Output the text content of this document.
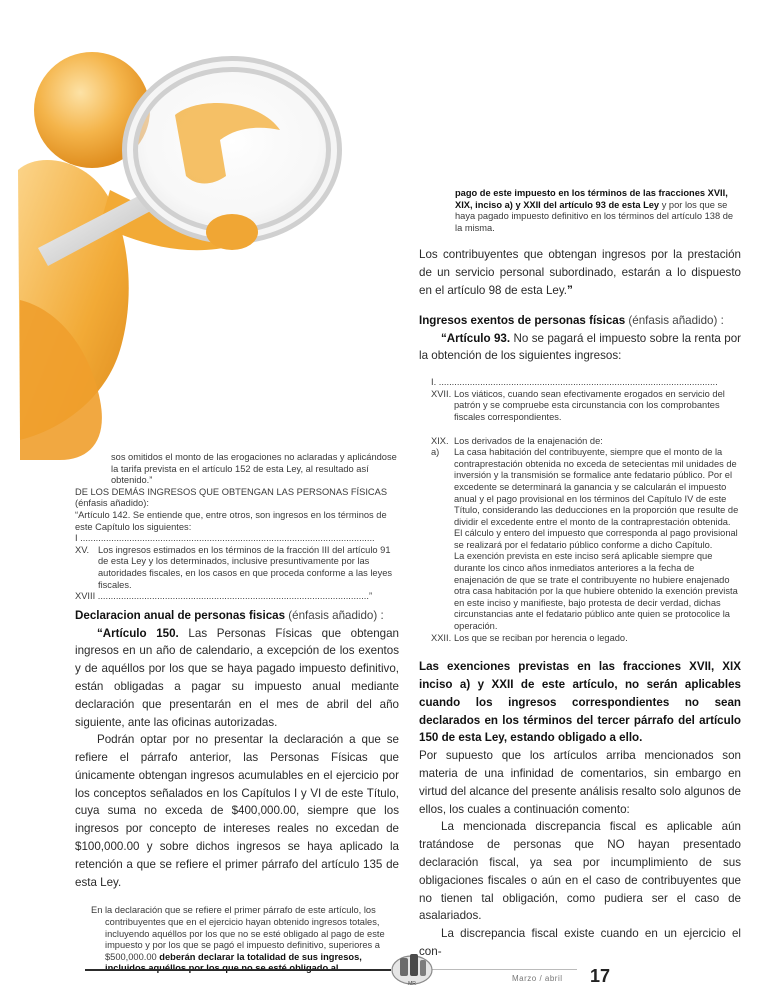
sos omitidos el monto de las erogaciones no aclaradas y aplicándose la tarifa prevista en el artículo 152 de esta Ley, al resultado así obtenido.”
DE LOS DEMÁS INGRESOS QUE OBTENGAN LAS PERSONAS FÍSICAS (énfasis añadido):
“Artículo 142. Se entiende que, entre otros, son ingresos en los términos de este Capítulo los siguientes:
I ..................................................................................................................
XV. Los ingresos estimados en los términos de la fracción III del artículo 91 de esta Ley y los determinados, inclusive presuntivamente por las autoridades fiscales, en los casos en que proceda conforme a las leyes fiscales.
XVIII .........................................................................................................”
Declaracion anual de personas fisicas (énfasis añadido) :
“Artículo 150. Las Personas Físicas que obtengan ingresos en un año de calendario, a excepción de los exentos y de aquéllos por los que se haya pagado impuesto definitivo, están obligadas a pagar su impuesto anual mediante declaración que presentarán en el mes de abril del año siguiente, ante las oficinas autorizadas.
Podrán optar por no presentar la declaración a que se refiere el párrafo anterior, las Personas Físicas que únicamente obtengan ingresos acumulables en el ejercicio por los conceptos señalados en los Capítulos I y VI de este Título, cuya suma no exceda de $400,000.00, siempre que los ingresos por concepto de intereses reales no excedan de $100,000.00 y sobre dichos ingresos se haya aplicado la retención a que se refiere el primer párrafo del artículo 135 de esta Ley.
En la declaración que se refiere el primer párrafo de este artículo, los contribuyentes que en el ejercicio hayan obtenido ingresos totales, incluyendo aquéllos por los que no se esté obligado al pago de este impuesto y por los que se pagó el impuesto definitivo, superiores a $500,000.00 deberán declarar la totalidad de sus ingresos,
pago de este impuesto en los términos de las fracciones XVII, XIX, inciso a) y XXII del artículo 93 de esta Ley y por los que se haya pagado impuesto definitivo en los términos del artículo 138 de la misma.
Los contribuyentes que obtengan ingresos por la prestación de un servicio personal subordinado, estarán a lo dispuesto en el artículo 98 de esta Ley.”
Ingresos exentos de personas físicas (énfasis añadido) :
“Artículo 93. No se pagará el impuesto sobre la renta por la obtención de los siguientes ingresos:
I. ............................................................................................................
XVII. Los viáticos, cuando sean efectivamente erogados en servicio del patrón y se compruebe esta circunstancia con los comprobantes fiscales correspondientes.
XIX. Los derivados de la enajenación de:
a)	La casa habitación del contribuyente, siempre que el monto de la contraprestación obtenida no exceda de setecientas mil unidades de inversión y la transmisión se formalice ante fedatario público. Por el excedente se determinará la ganancia y se calcularán el impuesto anual y el pago provisional en los términos del Capítulo IV de este Título, considerando las deducciones en la proporción que resulte de dividir el excedente entre el monto de la contraprestación obtenida. El cálculo y entero del impuesto que corresponda al pago provisional se realizará por el fedatario público conforme a dicho Capítulo.
La exención prevista en este inciso será aplicable siempre que durante los cinco años inmediatos anteriores a la fecha de enajenación de que se trate el contribuyente no hubiere enajenado otra casa habitación por la que hubiere obtenido la exención prevista en este inciso y manifieste, bajo protesta de decir verdad, dichas circunstancias ante el fedatario público ante quien se protocolice la operación.
XXII. Los que se reciban por herencia o legado.
Las exenciones previstas en las fracciones XVII, XIX inciso a) y XXII de este artículo, no serán aplicables cuando los ingresos correspondientes no sean declarados en los términos del tercer párrafo del artículo 150 de esta Ley, estando obligado a ello.
Por supuesto que los artículos arriba mencionados son materia de una infinidad de comentarios, sin embargo en virtud del alcance del presente análisis resalto solo algunos de ellos, los cuales a continuación comento:
La mencionada discrepancia fiscal es aplicable aún tratándose de personas que NO hayan presentado declaración fiscal, ya sea por incumplimiento de sus obligaciones fiscales o aún en el caso de contribuyentes que no tienen tal obligación, como pudiera ser el caso de asalariados.
La discrepancia fiscal existe cuando en un ejercicio el con-
MR
Marzo / abril 17
